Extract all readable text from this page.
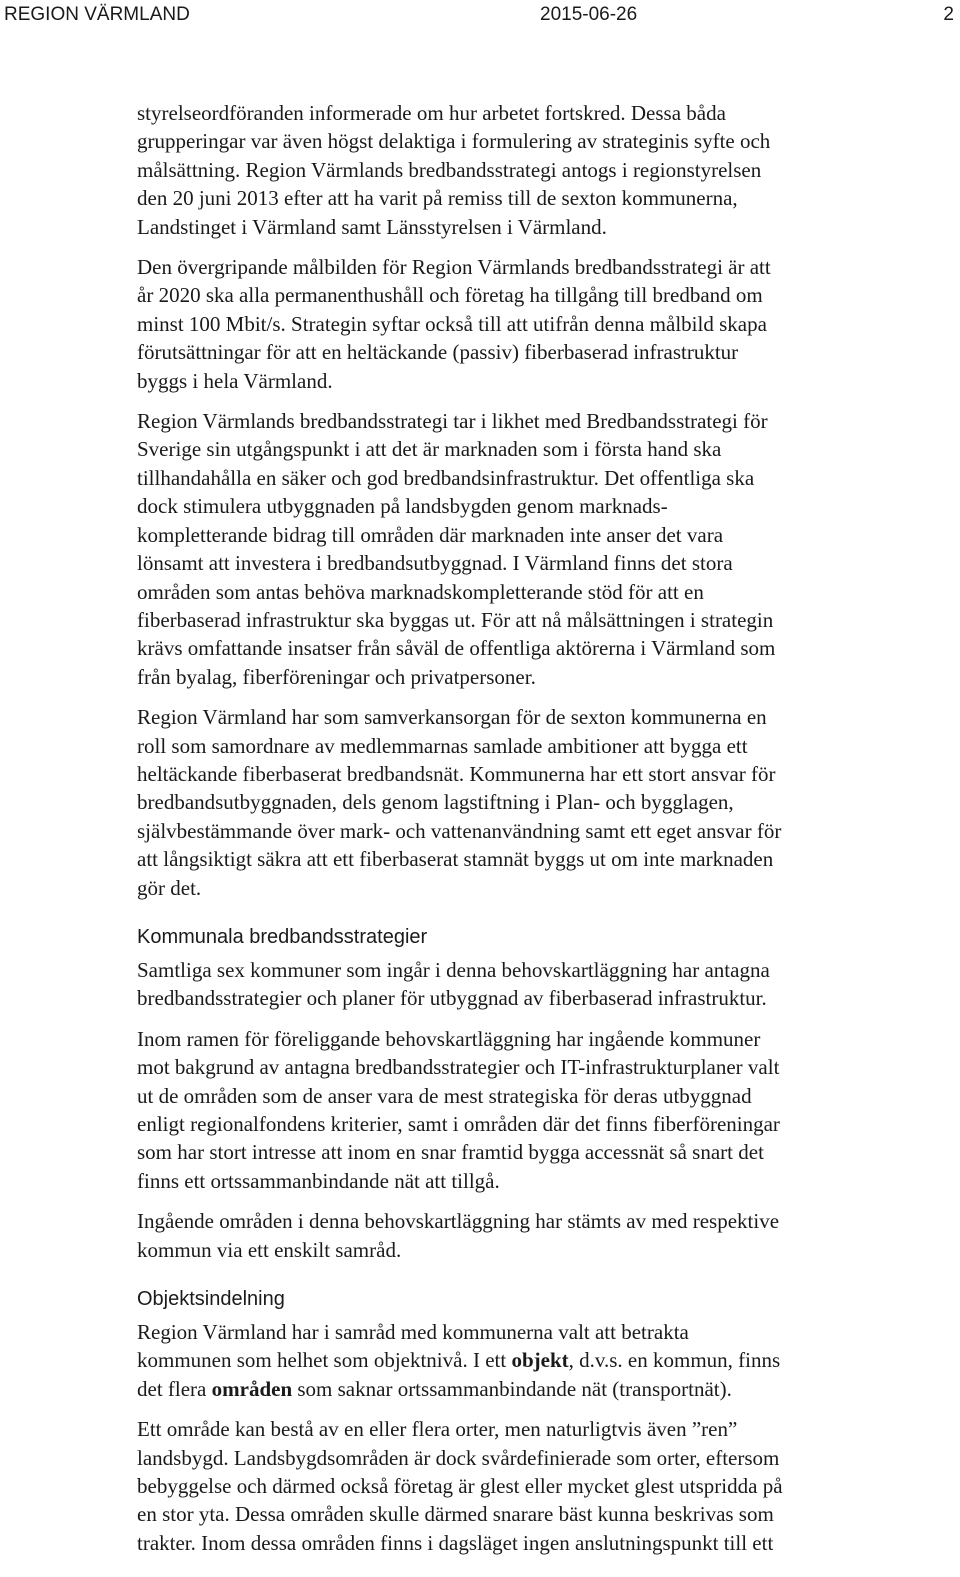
REGION VÄRMLAND	2015-06-26	2

styrelseordföranden informerade om hur arbetet fortskred. Dessa båda
grupperingar var även högst delaktiga i formulering av strateginis syfte och
målsättning. Region Värmlands bredbandsstrategi antogs i regionstyrelsen
den 20 juni 2013 efter att ha varit på remiss till de sexton kommunerna,
Landstinget i Värmland samt Länsstyrelsen i Värmland.

Den övergripande målbilden för Region Värmlands bredbandsstrategi är att
år 2020 ska alla permanenthushåll och företag ha tillgång till bredband om
minst 100 Mbit/s. Strategin syftar också till att utifrån denna målbild skapa
förutsättningar för att en heltäckande (passiv) fiberbaserad infrastruktur
byggs i hela Värmland.

Region Värmlands bredbandsstrategi tar i likhet med Bredbandsstrategi för
Sverige sin utgångspunkt i att det är marknaden som i första hand ska
tillhandahålla en säker och god bredbandsinfrastruktur. Det offentliga ska
dock stimulera utbyggnaden på landsbygden genom marknads-
kompletterande bidrag till områden där marknaden inte anser det vara
lönsamt att investera i bredbandsutbyggnad. I Värmland finns det stora
områden som antas behöva marknadskompletterande stöd för att en
fiberbaserad infrastruktur ska byggas ut. För att nå målsättningen i strategin
krävs omfattande insatser från såväl de offentliga aktörerna i Värmland som
från byalag, fiberföreningar och privatpersoner.

Region Värmland har som samverkansorgan för de sexton kommunerna en
roll som samordnare av medlemmarnas samlade ambitioner att bygga ett
heltäckande fiberbaserat bredbandsnät. Kommunerna har ett stort ansvar för
bredbandsutbyggnaden, dels genom lagstiftning i Plan- och bygglagen,
självbestämmande över mark- och vattenanvändning samt ett eget ansvar för
att långsiktigt säkra att ett fiberbaserat stamnät byggs ut om inte marknaden
gör det.

Kommunala bredbandsstrategier

Samtliga sex kommuner som ingår i denna behovskartläggning har antagna
bredbandsstrategier och planer för utbyggnad av fiberbaserad infrastruktur.

Inom ramen för föreliggande behovskartläggning har ingående kommuner
mot bakgrund av antagna bredbandsstrategier och IT-infrastrukturplaner valt
ut de områden som de anser vara de mest strategiska för deras utbyggnad
enligt regionalfondens kriterier, samt i områden där det finns fiberföreningar
som har stort intresse att inom en snar framtid bygga accessnät så snart det
finns ett ortssammanbindande nät att tillgå.

Ingående områden i denna behovskartläggning har stämts av med respektive
kommun via ett enskilt samråd.

Objektsindelning

Region Värmland har i samråd med kommunerna valt att betrakta
kommunen som helhet som objektnivå. I ett objekt, d.v.s. en kommun, finns
det flera områden som saknar ortssammanbindande nät (transportnät).

Ett område kan bestå av en eller flera orter, men naturligtvis även ”ren”
landsbygd. Landsbygdsområden är dock svårdefinierade som orter, eftersom
bebyggelse och därmed också företag är glest eller mycket glest utspridda på
en stor yta. Dessa områden skulle därmed snarare bäst kunna beskrivas som
trakter. Inom dessa områden finns i dagsläget ingen anslutningspunkt till ett
